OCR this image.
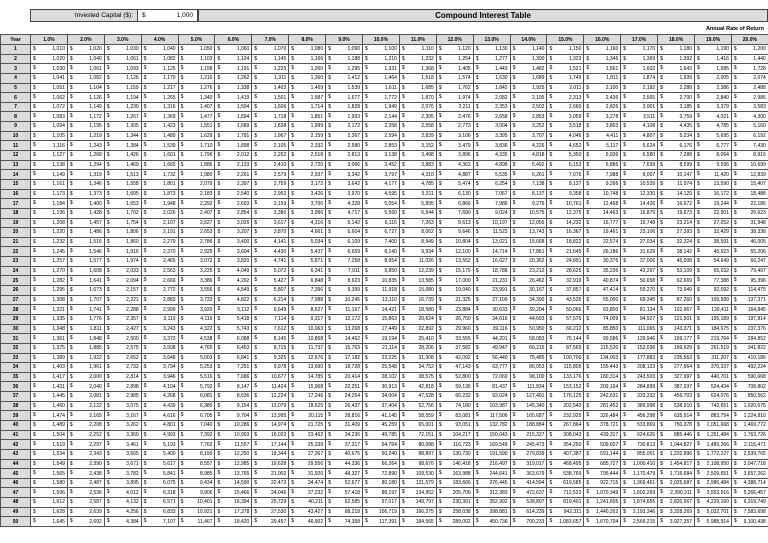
Invested Capital ($):	$	1,000	Compound Interest Table
Annual Rate of Return
Year	1.0%	2.0%	3.0%	4.0%	5.0%	6.0%	7.0%	8.0%	9.0%	10.0%	11.0%	12.0%	13.0%	14.0%	15.0%	16.0%	17.0%	18.0%	19.0%	20.0%
1	$ 1,010	$ 1,020	$ 1,030	$ 1,040	$ 1,050	$ 1,060	$ 1,070	$ 1,080	$ 1,090	$ 1,100	$ 1,110	$ 1,120	$ 1,130	$ 1,140	$ 1,150	$ 1,160	$ 1,170	$ 1,180	$ 1,190	$ 1,200
2	$ 1,020	$ 1,040	$ 1,061	$ 1,082	$ 1,103	$ 1,124	$ 1,145	$ 1,166	$ 1,188	$ 1,210	$ 1,232	$ 1,254	$ 1,277	$ 1,300	$ 1,323	$ 1,346	$ 1,369	$ 1,392	$ 1,416	$ 1,440
3	$ 1,030	$ 1,061	$ 1,093	$ 1,125	$ 1,158	$ 1,191	$ 1,225	$ 1,260	$ 1,295	$ 1,331	$ 1,368	$ 1,405	$ 1,443	$ 1,482	$ 1,521	$ 1,561	$ 1,602	$ 1,643	$ 1,685	$ 1,728
4	$ 1,041	$ 1,082	$ 1,126	$ 1,170	$ 1,216	$ 1,262	$ 1,311	$ 1,360	$ 1,412	$ 1,464	$ 1,518	$ 1,574	$ 1,630	$ 1,689	$ 1,749	$ 1,811	$ 1,874	$ 1,939	$ 2,005	$ 2,074
5	$ 1,051	$ 1,104	$ 1,159	$ 1,217	$ 1,276	$ 1,338	$ 1,403	$ 1,469	$ 1,539	$ 1,611	$ 1,685	$ 1,762	$ 1,842	$ 1,925	$ 2,011	$ 2,100	$ 2,192	$ 2,288	$ 2,386	$ 2,488
6	$ 1,062	$ 1,126	$ 1,194	$ 1,265	$ 1,340	$ 1,419	$ 1,501	$ 1,587	$ 1,677	$ 1,772	$ 1,870	$ 1,974	$ 2,082	$ 2,195	$ 2,313	$ 2,436	$ 2,565	$ 2,700	$ 2,840	$ 2,986
7	$ 1,072	$ 1,149	$ 1,230	$ 1,316	$ 1,407	$ 1,504	$ 1,606	$ 1,714	$ 1,828	$ 1,949	$ 2,076	$ 2,211	$ 2,353	$ 2,502	$ 2,660	$ 2,826	$ 3,001	$ 3,185	$ 3,379	$ 3,583
8	$ 1,083	$ 1,172	$ 1,267	$ 1,369	$ 1,477	$ 1,594	$ 1,718	$ 1,851	$ 1,993	$ 2,144	$ 2,305	$ 2,476	$ 2,658	$ 2,853	$ 3,059	$ 3,278	$ 3,511	$ 3,759	$ 4,021	$ 4,300
9	$ 1,094	$ 1,195	$ 1,305	$ 1,423	$ 1,551	$ 1,689	$ 1,838	$ 1,999	$ 2,172	$ 2,358	$ 2,558	$ 2,773	$ 3,004	$ 3,252	$ 3,518	$ 3,803	$ 4,108	$ 4,435	$ 4,785	$ 5,160
10	$ 1,105	$ 1,219	$ 1,344	$ 1,480	$ 1,629	$ 1,791	$ 1,967	$ 2,159	$ 2,367	$ 2,594	$ 2,839	$ 3,106	$ 3,395	$ 3,707	$ 4,046	$ 4,411	$ 4,807	$ 5,234	$ 5,695	$ 6,192
11	$ 1,116	$ 1,243	$ 1,384	$ 1,539	$ 1,710	$ 1,898	$ 2,105	$ 2,332	$ 2,580	$ 2,853	$ 3,152	$ 3,479	$ 3,836	$ 4,226	$ 4,652	$ 5,117	$ 5,624	$ 6,176	$ 6,777	$ 7,430
12	$ 1,127	$ 1,268	$ 1,426	$ 1,601	$ 1,796	$ 2,012	$ 2,252	$ 2,518	$ 2,813	$ 3,138	$ 3,498	$ 3,896	$ 4,335	$ 4,818	$ 5,350	$ 5,936	$ 6,580	$ 7,288	$ 8,064	$ 8,916
13	$ 1,138	$ 1,294	$ 1,469	$ 1,665	$ 1,886	$ 2,133	$ 2,410	$ 2,720	$ 3,066	$ 3,452	$ 3,883	$ 4,363	$ 4,898	$ 5,492	$ 6,153	$ 6,886	$ 7,699	$ 8,599	$ 9,596	$ 10,699
14	$ 1,149	$ 1,319	$ 1,513	$ 1,732	$ 1,980	$ 2,261	$ 2,579	$ 2,937	$ 3,342	$ 3,797	$ 4,310	$ 4,887	$ 5,535	$ 6,261	$ 7,076	$ 7,988	$ 9,007	$ 10,147	$ 11,420	$ 12,839
15	$ 1,161	$ 1,346	$ 1,558	$ 1,801	$ 2,079	$ 2,397	$ 2,759	$ 3,172	$ 3,642	$ 4,177	$ 4,785	$ 5,474	$ 6,254	$ 7,138	$ 8,137	$ 9,266	$ 10,539	$ 11,974	$ 13,590	$ 15,407
16	$ 1,173	$ 1,373	$ 1,605	$ 1,873	$ 2,183	$ 2,540	$ 2,952	$ 3,426	$ 3,970	$ 4,595	$ 5,311	$ 6,130	$ 7,067	$ 8,137	$ 9,358	$ 10,748	$ 12,330	$ 14,129	$ 16,172	$ 18,488
17	$ 1,184	$ 1,400	$ 1,653	$ 1,948	$ 2,292	$ 2,693	$ 3,159	$ 3,700	$ 4,328	$ 5,054	$ 5,895	$ 6,866	$ 7,986	$ 9,276	$ 10,761	$ 12,468	$ 14,426	$ 16,672	$ 19,244	$ 22,186
18	$ 1,196	$ 1,428	$ 1,702	$ 2,026	$ 2,407	$ 2,854	$ 3,380	$ 3,996	$ 4,717	$ 5,560	$ 6,544	$ 7,690	$ 9,024	$ 10,575	$ 12,375	$ 14,463	$ 16,879	$ 19,673	$ 22,901	$ 26,623
19	$ 1,208	$ 1,457	$ 1,754	$ 2,107	$ 2,527	$ 3,026	$ 3,617	$ 4,316	$ 5,142	$ 6,116	$ 7,263	$ 8,613	$ 10,197	$ 12,056	$ 14,232	$ 16,777	$ 19,748	$ 23,214	$ 27,252	$ 31,948
20	$ 1,220	$ 1,486	$ 1,806	$ 2,191	$ 2,653	$ 3,207	$ 3,870	$ 4,661	$ 5,604	$ 6,727	$ 8,062	$ 9,646	$ 11,523	$ 13,743	$ 16,367	$ 19,461	$ 23,106	$ 27,393	$ 32,429	$ 38,338
21	$ 1,232	$ 1,516	$ 1,860	$ 2,279	$ 2,786	$ 3,400	$ 4,141	$ 5,034	$ 6,109	$ 7,400	$ 8,949	$ 10,804	$ 13,021	$ 15,668	$ 18,822	$ 22,574	$ 27,034	$ 32,324	$ 38,591	$ 46,005
22	$ 1,245	$ 1,546	$ 1,916	$ 2,370	$ 2,925	$ 3,604	$ 4,430	$ 5,437	$ 6,659	$ 8,140	$ 9,934	$ 12,100	$ 14,714	$ 17,861	$ 21,645	$ 26,186	$ 31,629	$ 38,142	$ 45,923	$ 55,206
23	$ 1,257	$ 1,577	$ 1,974	$ 2,465	$ 3,072	$ 3,820	$ 4,741	$ 5,871	$ 7,258	$ 8,954	$ 11,026	$ 13,552	$ 16,627	$ 20,362	$ 24,891	$ 30,376	$ 37,006	$ 45,008	$ 54,649	$ 66,247
24	$ 1,270	$ 1,608	$ 2,033	$ 2,563	$ 3,225	$ 4,049	$ 5,072	$ 6,341	$ 7,911	$ 9,850	$ 12,239	$ 15,179	$ 18,788	$ 23,212	$ 28,625	$ 35,236	$ 43,297	$ 53,109	$ 65,032	$ 79,497
25	$ 1,282	$ 1,641	$ 2,094	$ 2,666	$ 3,386	$ 4,292	$ 5,427	$ 6,848	$ 8,623	$ 10,835	$ 13,585	$ 17,000	$ 21,231	$ 26,462	$ 32,919	$ 40,874	$ 50,658	$ 62,669	$ 77,388	$ 95,396
26	$ 1,295	$ 1,673	$ 2,157	$ 2,772	$ 3,556	$ 4,549	$ 5,807	$ 7,396	$ 9,399	$ 11,918	$ 15,080	$ 19,040	$ 23,991	$ 30,167	$ 37,857	$ 47,414	$ 59,270	$ 73,949	$ 92,092	$ 114,475
27	$ 1,308	$ 1,707	$ 2,221	$ 2,883	$ 3,733	$ 4,822	$ 6,214	$ 7,988	$ 10,245	$ 13,110	$ 16,739	$ 21,325	$ 27,109	$ 34,390	$ 43,535	$ 55,000	$ 69,345	$ 87,260	$ 109,589	$ 137,371
28	$ 1,321	$ 1,741	$ 2,288	$ 2,999	$ 3,920	$ 5,112	$ 6,649	$ 8,627	$ 11,167	$ 14,421	$ 18,580	$ 23,884	$ 30,633	$ 39,204	$ 50,066	$ 63,800	$ 81,134	$ 102,967	$ 130,411	$ 164,845
29	$ 1,335	$ 1,776	$ 2,357	$ 3,119	$ 4,116	$ 5,418	$ 7,114	$ 9,317	$ 12,172	$ 15,863	$ 20,624	$ 26,750	$ 34,616	$ 44,693	$ 57,575	$ 74,009	$ 94,927	$ 121,501	$ 155,189	$ 197,814
30	$ 1,348	$ 1,811	$ 2,427	$ 3,243	$ 4,322	$ 5,743	$ 7,612	$ 10,063	$ 13,268	$ 17,449	$ 22,892	$ 29,960	$ 39,116	$ 50,950	$ 66,212	$ 85,850	$ 111,065	$ 143,371	$ 184,675	$ 237,376
31	$ 1,361	$ 1,848	$ 2,500	$ 3,373	$ 4,538	$ 6,088	$ 8,145	$ 10,868	$ 14,462	$ 19,194	$ 25,410	$ 33,555	$ 44,201	$ 58,083	$ 76,144	$ 99,586	$ 129,946	$ 169,177	$ 219,764	$ 284,852
32	$ 1,375	$ 1,885	$ 2,575	$ 3,508	$ 4,765	$ 6,453	$ 8,715	$ 11,737	$ 15,763	$ 21,114	$ 28,206	$ 37,582	$ 49,947	$ 66,215	$ 87,565	$ 115,520	$ 152,036	$ 199,629	$ 261,519	$ 341,822
33	$ 1,389	$ 1,922	$ 2,652	$ 3,648	$ 5,003	$ 6,841	$ 9,325	$ 12,676	$ 17,182	$ 23,225	$ 31,308	$ 42,092	$ 56,440	$ 75,485	$ 100,700	$ 134,003	$ 177,883	$ 235,563	$ 311,207	$ 410,186
34	$ 1,403	$ 1,961	$ 2,732	$ 3,794	$ 5,253	$ 7,251	$ 9,978	$ 13,690	$ 18,728	$ 25,548	$ 34,752	$ 47,143	$ 63,777	$ 86,053	$ 115,805	$ 155,443	$ 208,123	$ 277,964	$ 370,337	$ 492,224
35	$ 1,417	$ 2,000	$ 2,814	$ 3,946	$ 5,516	$ 7,686	$ 10,677	$ 14,785	$ 20,414	$ 28,102	$ 38,575	$ 52,800	$ 72,069	$ 98,100	$ 133,176	$ 180,314	$ 243,503	$ 327,997	$ 440,701	$ 590,668
36	$ 1,431	$ 2,040	$ 2,898	$ 4,104	$ 5,792	$ 8,147	$ 11,424	$ 15,968	$ 22,251	$ 30,913	$ 42,818	$ 59,136	$ 81,437	$ 111,834	$ 153,152	$ 209,164	$ 284,899	$ 387,037	$ 524,434	$ 708,802
37	$ 1,445	$ 2,081	$ 2,985	$ 4,268	$ 6,081	$ 8,636	$ 12,224	$ 17,246	$ 24,254	$ 34,004	$ 47,528	$ 66,232	$ 92,024	$ 127,491	$ 176,125	$ 242,631	$ 333,332	$ 456,703	$ 624,076	$ 850,562
38	$ 1,460	$ 2,122	$ 3,075	$ 4,439	$ 6,385	$ 9,154	$ 13,079	$ 18,625	$ 26,437	$ 37,404	$ 52,756	$ 74,180	$ 103,987	$ 145,340	$ 202,543	$ 281,452	$ 389,998	$ 538,910	$ 742,651	$ 1,020,675
39	$ 1,474	$ 2,165	$ 3,167	$ 4,616	$ 6,705	$ 9,704	$ 13,995	$ 20,115	$ 28,816	$ 41,145	$ 58,559	$ 83,081	$ 117,506	$ 165,687	$ 232,925	$ 326,484	$ 456,298	$ 635,914	$ 883,754	$ 1,224,810
40	$ 1,489	$ 2,208	$ 3,262	$ 4,801	$ 7,040	$ 10,286	$ 14,974	$ 21,725	$ 31,409	$ 45,259	$ 65,001	$ 93,051	$ 132,782	$ 188,884	$ 267,864	$ 378,721	$ 533,869	$ 750,378	$ 1,051,668	$ 1,469,772
41	$ 1,504	$ 2,252	$ 3,360	$ 4,993	$ 7,392	$ 10,903	$ 16,023	$ 23,462	$ 34,236	$ 49,785	$ 72,151	$ 104,217	$ 150,043	$ 215,327	$ 308,043	$ 439,317	$ 624,626	$ 885,446	$ 1,251,484	$ 1,763,726
42	$ 1,519	$ 2,297	$ 3,461	$ 5,193	$ 7,762	$ 11,557	$ 17,144	$ 25,339	$ 37,317	$ 54,764	$ 80,088	$ 116,723	$ 169,549	$ 245,473	$ 354,250	$ 509,607	$ 730,813	$ 1,044,827	$ 1,489,266	$ 2,116,471
43	$ 1,534	$ 2,343	$ 3,565	$ 5,400	$ 8,150	$ 12,250	$ 18,344	$ 27,367	$ 40,675	$ 60,240	$ 88,897	$ 130,730	$ 191,590	$ 279,839	$ 407,387	$ 591,144	$ 855,051	$ 1,232,896	$ 1,772,227	$ 2,539,765
44	$ 1,549	$ 2,390	$ 3,671	$ 5,617	$ 8,557	$ 12,985	$ 19,628	$ 29,556	$ 44,336	$ 66,264	$ 98,676	$ 146,418	$ 216,497	$ 319,017	$ 468,495	$ 685,727	$ 1,000,410	$ 1,454,817	$ 2,108,950	$ 3,047,718
45	$ 1,565	$ 2,438	$ 3,782	$ 5,841	$ 8,985	$ 13,765	$ 21,002	$ 31,920	$ 48,327	$ 72,890	$ 109,530	$ 163,988	$ 244,641	$ 363,679	$ 538,769	$ 795,444	$ 1,170,479	$ 1,716,684	$ 2,509,651	$ 3,657,262
46	$ 1,580	$ 2,487	$ 3,895	$ 6,075	$ 9,434	$ 14,590	$ 22,473	$ 34,474	$ 52,677	$ 80,180	$ 121,579	$ 183,666	$ 276,445	$ 414,594	$ 619,585	$ 922,715	$ 1,369,461	$ 2,025,687	$ 2,986,484	$ 4,388,714
47	$ 1,596	$ 2,536	$ 4,012	$ 6,318	$ 9,906	$ 15,466	$ 24,046	$ 37,232	$ 57,418	$ 88,197	$ 134,952	$ 205,706	$ 312,383	$ 472,637	$ 712,522	$ 1,070,349	$ 1,602,269	$ 2,390,311	$ 3,553,916	$ 5,266,457
48	$ 1,612	$ 2,587	$ 4,132	$ 6,571	$ 10,401	$ 16,394	$ 25,729	$ 40,211	$ 62,585	$ 97,017	$ 149,797	$ 230,391	$ 352,992	$ 538,807	$ 819,401	$ 1,241,605	$ 1,874,655	$ 2,820,567	$ 4,229,160	$ 6,319,749
49	$ 1,628	$ 2,639	$ 4,256	$ 6,833	$ 10,921	$ 17,378	$ 27,530	$ 43,427	$ 68,218	$ 106,719	$ 166,275	$ 258,038	$ 398,881	$ 614,239	$ 942,311	$ 1,440,262	$ 2,193,346	$ 3,328,269	$ 5,032,701	$ 7,583,698
50	$ 1,645	$ 2,692	$ 4,384	$ 7,107	$ 11,467	$ 18,420	$ 29,457	$ 46,902	$ 74,358	$ 117,391	$ 184,565	$ 289,002	$ 450,736	$ 700,233	$ 1,083,657	$ 1,670,704	$ 2,566,215	$ 3,927,357	$ 5,988,914	$ 9,100,438
